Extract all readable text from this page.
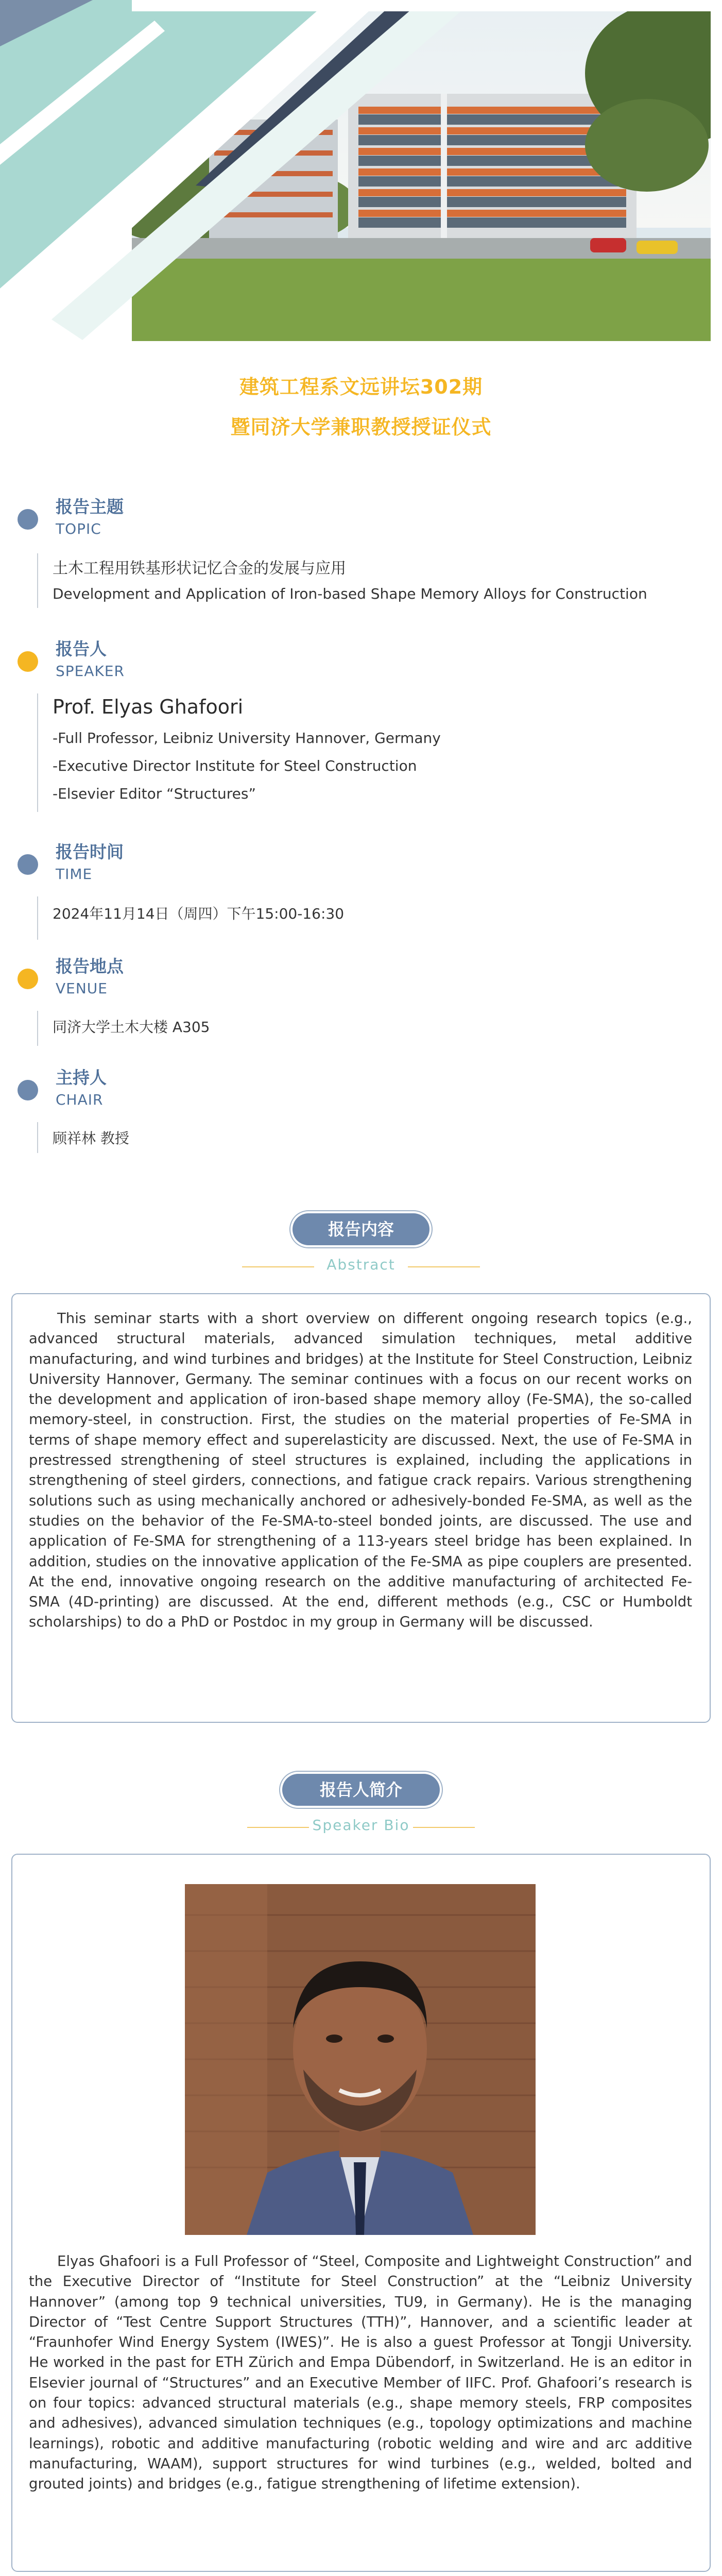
建筑工程系文远讲坛302期
暨同济大学兼职教授授证仪式
报告主题
TOPIC
土木工程用铁基形状记忆合金的发展与应用
Development and Application of Iron-based Shape Memory Alloys for Construction
报告人
SPEAKER
Prof. Elyas Ghafoori
-Full Professor, Leibniz University Hannover, Germany
-Executive Director Institute for Steel Construction
-Elsevier Editor “Structures”
报告时间
TIME
2024年11月14日（周四）下午15:00-16:30
报告地点
VENUE
同济大学土木大楼 A305
主持人
CHAIR
顾祥林 教授
报告内容
Abstract
This seminar starts with a short overview on different ongoing research topics (e.g., advanced structural materials, advanced simulation techniques, metal additive manufacturing, and wind turbines and bridges) at the Institute for Steel Construction, Leibniz University Hannover, Germany. The seminar continues with a focus on our recent works on the development and application of iron-based shape memory alloy (Fe-SMA), the so-called memory-steel, in construction. First, the studies on the material properties of Fe-SMA in terms of shape memory effect and superelasticity are discussed. Next, the use of Fe-SMA in prestressed strengthening of steel structures is explained, including the applications in strengthening of steel girders, connections, and fatigue crack repairs. Various strengthening solutions such as using mechanically anchored or adhesively-bonded Fe-SMA, as well as the studies on the behavior of the Fe-SMA-to-steel bonded joints, are discussed. The use and application of Fe-SMA for strengthening of a 113-years steel bridge has been explained. In addition, studies on the innovative application of the Fe-SMA as pipe couplers are presented. At the end, innovative ongoing research on the additive manufacturing of architected Fe-SMA (4D-printing) are discussed. At the end, different methods (e.g., CSC or Humboldt scholarships) to do a PhD or Postdoc in my group in Germany will be discussed.
报告人简介
Speaker Bio
Elyas Ghafoori is a Full Professor of “Steel, Composite and Lightweight Construction” and the Executive Director of “Institute for Steel Construction” at the “Leibniz University Hannover” (among top 9 technical universities, TU9, in Germany). He is the managing Director of “Test Centre Support Structures (TTH)”, Hannover, and a scientific leader at “Fraunhofer Wind Energy System (IWES)”. He is also a guest Professor at Tongji University. He worked in the past for ETH Zürich and Empa Dübendorf, in Switzerland. He is an editor in Elsevier journal of “Structures” and an Executive Member of IIFC. Prof. Ghafoori’s research is on four topics: advanced structural materials (e.g., shape memory steels, FRP composites and adhesives), advanced simulation techniques (e.g., topology optimizations and machine learnings), robotic and additive manufacturing (robotic welding and wire and arc additive manufacturing, WAAM), support structures for wind turbines (e.g., welded, bolted and grouted joints) and bridges (e.g., fatigue strengthening of lifetime extension).
